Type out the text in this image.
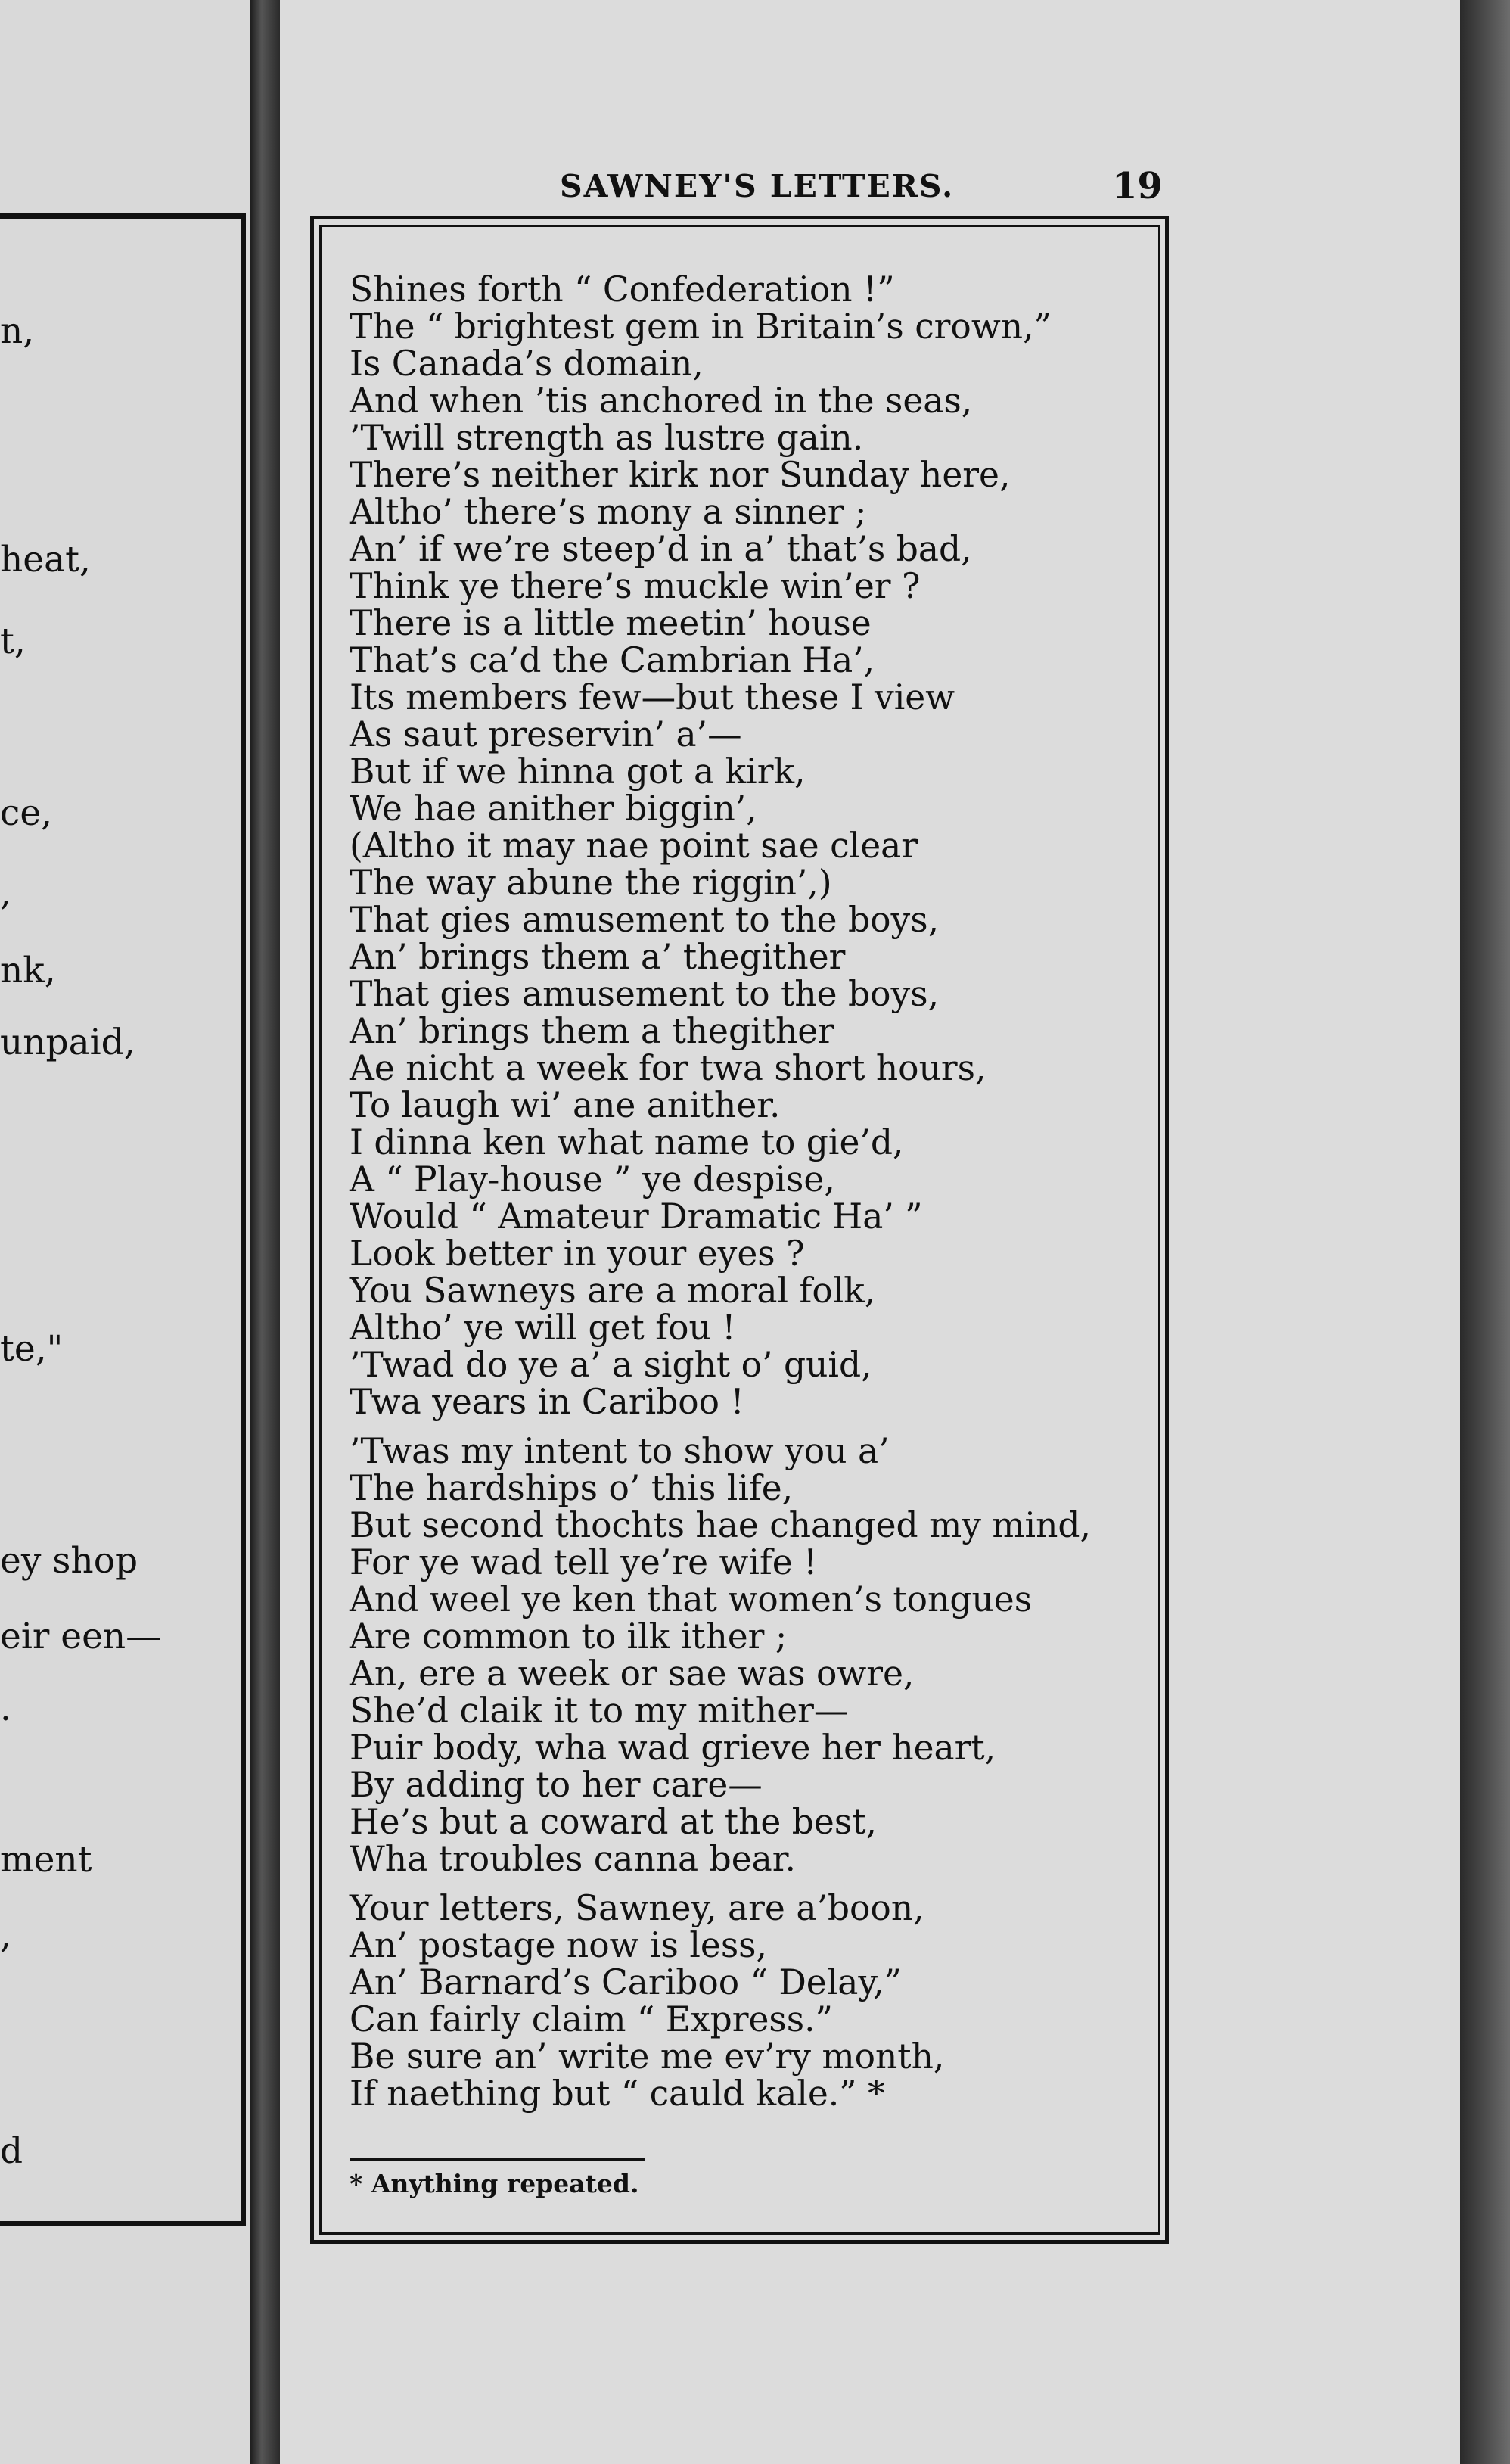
n,
heat,
t,
ce,
,
nk,
unpaid,
te,"
ey shop
eir een—
.
ment
,
d
SAWNEY'S LETTERS.	19
Shines forth “ Confederation !”
The “ brightest gem in Britain’s crown,”
Is Canada’s domain,
And when ’tis anchored in the seas,
’Twill strength as lustre gain.
There’s neither kirk nor Sunday here,
Altho’ there’s mony a sinner ;
An’ if we’re steep’d in a’ that’s bad,
Think ye there’s muckle win’er ?
There is a little meetin’ house
That’s ca’d the Cambrian Ha’,
Its members few—but these I view
As saut preservin’ a’—
But if we hinna got a kirk,
We hae anither biggin’,
(Altho it may nae point sae clear
The way abune the riggin’,)
That gies amusement to the boys,
An’ brings them a’ thegither
That gies amusement to the boys,
An’ brings them a thegither
Ae nicht a week for twa short hours,
To laugh wi’ ane anither.
I dinna ken what name to gie’d,
A “ Play-house ” ye despise,
Would “ Amateur Dramatic Ha’ ”
Look better in your eyes ?
You Sawneys are a moral folk,
Altho’ ye will get fou !
’Twad do ye a’ a sight o’ guid,
Twa years in Cariboo !
’Twas my intent to show you a’
The hardships o’ this life,
But second thochts hae changed my mind,
For ye wad tell ye’re wife !
And weel ye ken that women’s tongues
Are common to ilk ither ;
An, ere a week or sae was owre,
She’d claik it to my mither—
Puir body, wha wad grieve her heart,
By adding to her care—
He’s but a coward at the best,
Wha troubles canna bear.
Your letters, Sawney, are a’boon,
An’ postage now is less,
An’ Barnard’s Cariboo “ Delay,”
Can fairly claim “ Express.”
Be sure an’ write me ev’ry month,
If naething but “ cauld kale.” *
* Anything repeated.
